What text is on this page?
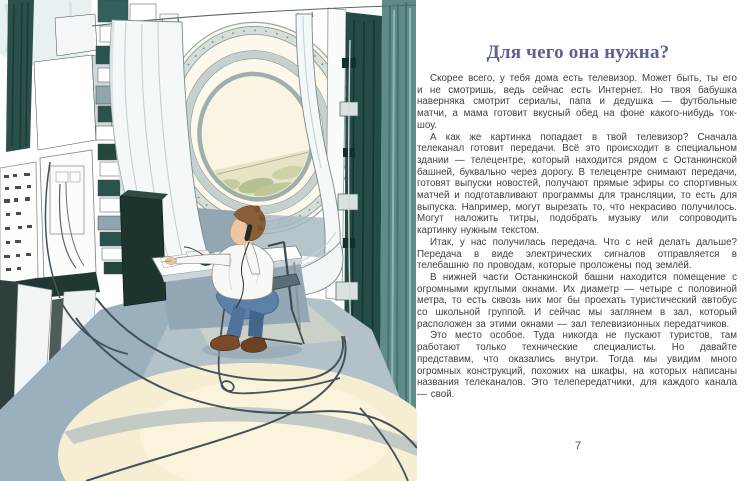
Для чего она нужна?

Скорее всего, у тебя дома есть телевизор. Может быть, ты его и не смотришь, ведь сейчас есть Интернет. Но твоя бабушка наверняка смотрит сериалы, папа и дедушка — футбольные матчи, а мама готовит вкусный обед на фоне какого-нибудь ток-шоу.

А как же картинка попадает в твой телевизор? Сначала телеканал готовит передачи. Всё это происходит в специальном здании — телецентре, который находится рядом с Останкинской башней, буквально через дорогу. В телецентре снимают передачи, готовят выпуски новостей, получают прямые эфиры со спортивных матчей и подготавливают программы для трансляции, то есть для выпуска. Например, могут вырезать то, что некрасиво получилось. Могут наложить титры, подобрать музыку или сопроводить картинку нужным текстом.

Итак, у нас получилась передача. Что с ней делать дальше? Передача в виде электрических сигналов отправляется в телебашню по проводам, которые проложены под землёй.

В нижней части Останкинской башни находится помещение с огромными круглыми окнами. Их диаметр — четыре с половиной метра, то есть сквозь них мог бы проехать туристический автобус со школьной группой. И сейчас мы заглянем в зал, который расположен за этими окнами — зал телевизионных передатчиков.

Это место особое. Туда никогда не пускают туристов, там работают только технические специалисты. Но давайте представим, что оказались внутри. Тогда мы увидим много огромных конструкций, похожих на шкафы, на которых написаны названия телеканалов. Это телепередатчики, для каждого канала — свой.

7
